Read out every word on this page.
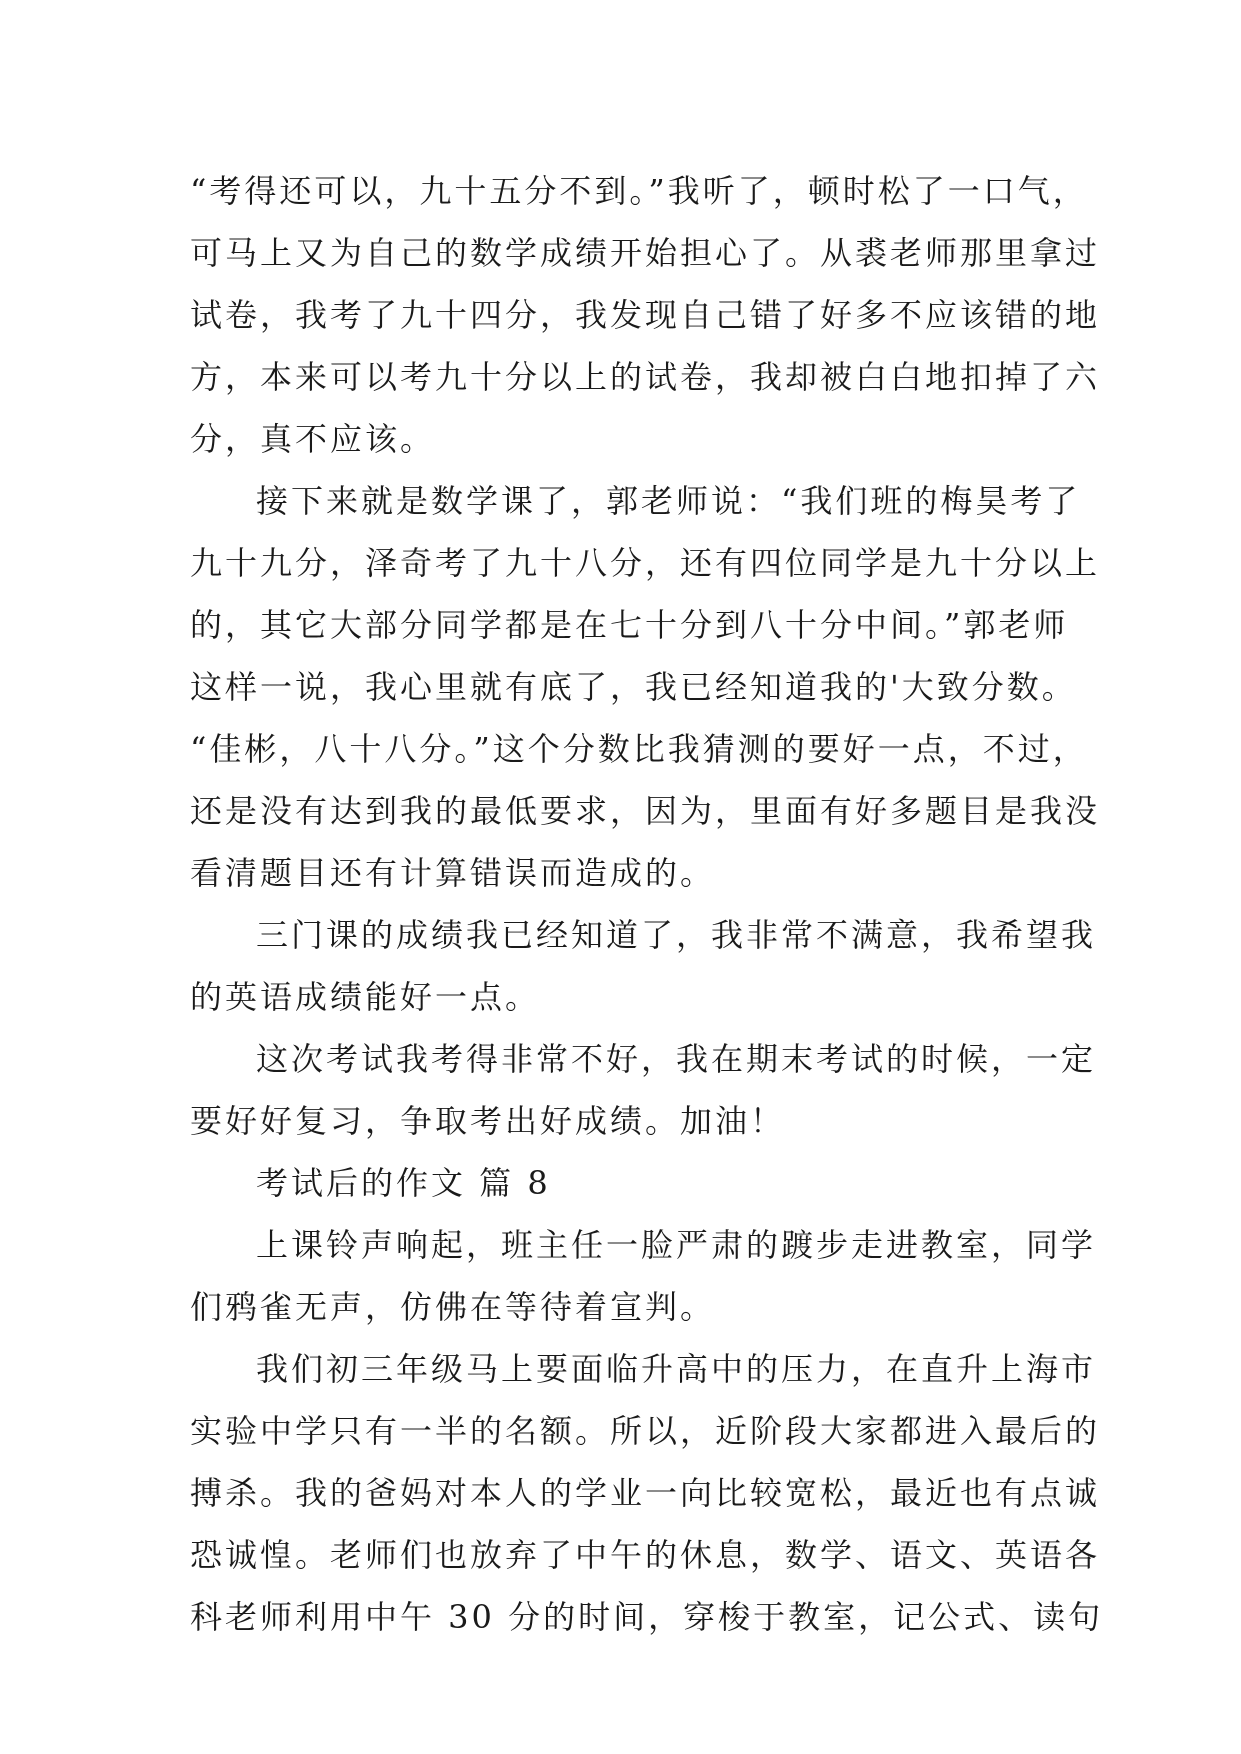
“考得还可以，九十五分不到。”我听了，顿时松了一口气，
可马上又为自己的数学成绩开始担心了。从裘老师那里拿过
试卷，我考了九十四分，我发现自己错了好多不应该错的地
方，本来可以考九十分以上的试卷，我却被白白地扣掉了六
分，真不应该。
接下来就是数学课了，郭老师说：“我们班的梅昊考了
九十九分，泽奇考了九十八分，还有四位同学是九十分以上
的，其它大部分同学都是在七十分到八十分中间。”郭老师
这样一说，我心里就有底了，我已经知道我的'大致分数。
“佳彬，八十八分。”这个分数比我猜测的要好一点，不过，
还是没有达到我的最低要求，因为，里面有好多题目是我没
看清题目还有计算错误而造成的。
三门课的成绩我已经知道了，我非常不满意，我希望我
的英语成绩能好一点。
这次考试我考得非常不好，我在期末考试的时候，一定
要好好复习，争取考出好成绩。加油！
考试后的作文 篇 8
上课铃声响起，班主任一脸严肃的踱步走进教室，同学
们鸦雀无声，仿佛在等待着宣判。
我们初三年级马上要面临升高中的压力，在直升上海市
实验中学只有一半的名额。所以，近阶段大家都进入最后的
搏杀。我的爸妈对本人的学业一向比较宽松，最近也有点诚
恐诚惶。老师们也放弃了中午的休息，数学、语文、英语各
科老师利用中午 30 分的时间，穿梭于教室，记公式、读句
